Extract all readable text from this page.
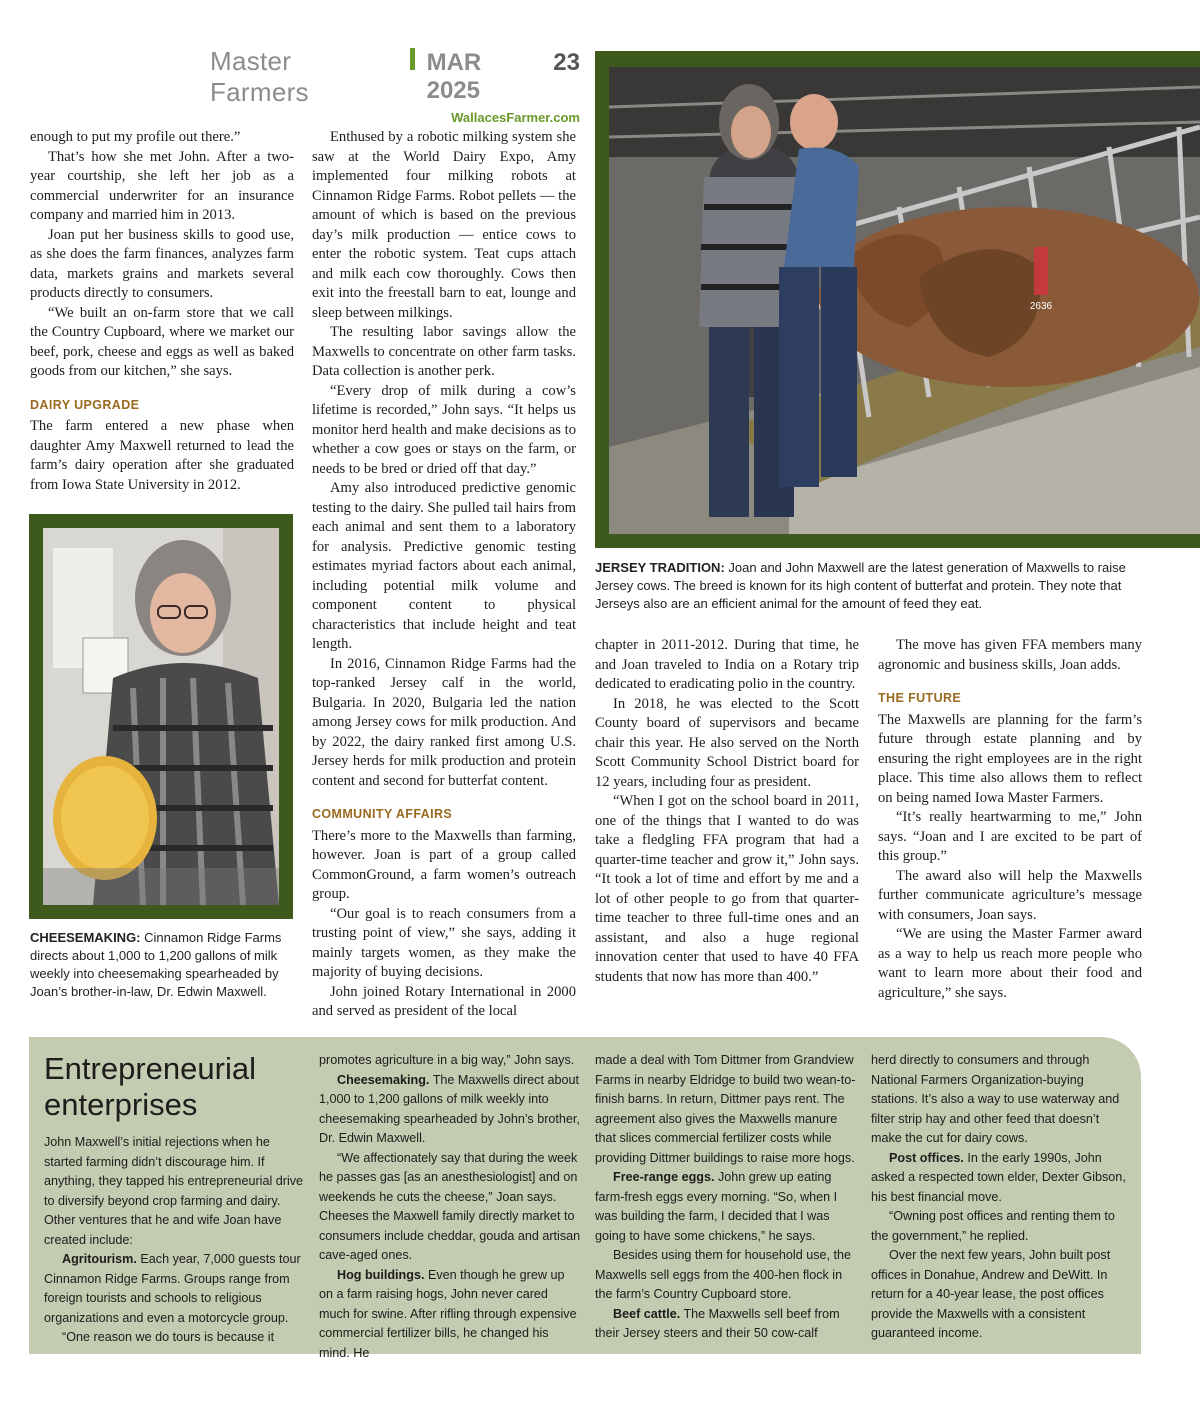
Master Farmers
MAR 2025
23
WallacesFarmer.com

enough to put my profile out there.”

That’s how she met John. After a two-year courtship, she left her job as a commercial underwriter for an insurance company and married him in 2013.

Joan put her business skills to good use, as she does the farm finances, analyzes farm data, markets grains and markets several products directly to consumers.

“We built an on-farm store that we call the Country Cupboard, where we market our beef, pork, cheese and eggs as well as baked goods from our kitchen,” she says.

DAIRY UPGRADE

The farm entered a new phase when daughter Amy Maxwell returned to lead the farm’s dairy operation after she graduated from Iowa State University in 2012.

CHEESEMAKING: Cinnamon Ridge Farms directs about 1,000 to 1,200 gallons of milk weekly into cheesemaking spearheaded by Joan’s brother-in-law, Dr. Edwin Maxwell.

Enthused by a robotic milking system she saw at the World Dairy Expo, Amy implemented four milking robots at Cinnamon Ridge Farms. Robot pellets — the amount of which is based on the previous day’s milk production — entice cows to enter the robotic system. Teat cups attach and milk each cow thoroughly. Cows then exit into the freestall barn to eat, lounge and sleep between milkings.

The resulting labor savings allow the Maxwells to concentrate on other farm tasks. Data collection is another perk.

“Every drop of milk during a cow’s lifetime is recorded,” John says. “It helps us monitor herd health and make decisions as to whether a cow goes or stays on the farm, or needs to be bred or dried off that day.”

Amy also introduced predictive genomic testing to the dairy. She pulled tail hairs from each animal and sent them to a laboratory for analysis. Predictive genomic testing estimates myriad factors about each animal, including potential milk volume and component content to physical characteristics that include height and teat length.

In 2016, Cinnamon Ridge Farms had the top-ranked Jersey calf in the world, Bulgaria. In 2020, Bulgaria led the nation among Jersey cows for milk production. And by 2022, the dairy ranked first among U.S. Jersey herds for milk production and protein content and second for butterfat content.

COMMUNITY AFFAIRS

There’s more to the Maxwells than farming, however. Joan is part of a group called CommonGround, a farm women’s outreach group.

“Our goal is to reach consumers from a trusting point of view,” she says, adding it mainly targets women, as they make the majority of buying decisions.

John joined Rotary International in 2000 and served as president of the local

2636
JERSEY TRADITION: Joan and John Maxwell are the latest generation of Maxwells to raise Jersey cows. The breed is known for its high content of butterfat and protein. They note that Jerseys also are an efficient animal for the amount of feed they eat.

chapter in 2011-2012. During that time, he and Joan traveled to India on a Rotary trip dedicated to eradicating polio in the country.

In 2018, he was elected to the Scott County board of supervisors and became chair this year. He also served on the North Scott Community School District board for 12 years, including four as president.

“When I got on the school board in 2011, one of the things that I wanted to do was take a fledgling FFA program that had a quarter-time teacher and grow it,” John says. “It took a lot of time and effort by me and a lot of other people to go from that quarter-time teacher to three full-time ones and an assistant, and also a huge regional innovation center that used to have 40 FFA students that now has more than 400.”

The move has given FFA members many agronomic and business skills, Joan adds.

THE FUTURE

The Maxwells are planning for the farm’s future through estate planning and by ensuring the right employees are in the right place. This time also allows them to reflect on being named Iowa Master Farmers.

“It’s really heartwarming to me,” John says. “Joan and I are excited to be part of this group.”

The award also will help the Maxwells further communicate agriculture’s message with consumers, Joan says.

“We are using the Master Farmer award as a way to help us reach more people who want to learn more about their food and agriculture,” she says.

Entrepreneurial
enterprises

John Maxwell’s initial rejections when he started farming didn’t discourage him. If anything, they tapped his entrepreneurial drive to diversify beyond crop farming and dairy. Other ventures that he and wife Joan have created include:

Agritourism. Each year, 7,000 guests tour Cinnamon Ridge Farms. Groups range from foreign tourists and schools to religious organizations and even a motorcycle group.

“One reason we do tours is because it

promotes agriculture in a big way,” John says.

Cheesemaking. The Maxwells direct about 1,000 to 1,200 gallons of milk weekly into cheesemaking spearheaded by John’s brother, Dr. Edwin Maxwell.

“We affectionately say that during the week he passes gas [as an anesthesiologist] and on weekends he cuts the cheese,” Joan says. Cheeses the Maxwell family directly market to consumers include cheddar, gouda and artisan cave-aged ones.

Hog buildings. Even though he grew up on a farm raising hogs, John never cared much for swine. After rifling through expensive commercial fertilizer bills, he changed his mind. He

made a deal with Tom Dittmer from Grandview Farms in nearby Eldridge to build two wean-to-finish barns. In return, Dittmer pays rent. The agreement also gives the Maxwells manure that slices commercial fertilizer costs while providing Dittmer buildings to raise more hogs.

Free-range eggs. John grew up eating farm-fresh eggs every morning. “So, when I was building the farm, I decided that I was going to have some chickens,” he says.

Besides using them for household use, the Maxwells sell eggs from the 400-hen flock in the farm’s Country Cupboard store.

Beef cattle. The Maxwells sell beef from their Jersey steers and their 50 cow-calf

herd directly to consumers and through National Farmers Organization-buying stations. It’s also a way to use waterway and filter strip hay and other feed that doesn’t make the cut for dairy cows.

Post offices. In the early 1990s, John asked a respected town elder, Dexter Gibson, his best financial move.

“Owning post offices and renting them to the government,” he replied.

Over the next few years, John built post offices in Donahue, Andrew and DeWitt. In return for a 40-year lease, the post offices provide the Maxwells with a consistent guaranteed income.
